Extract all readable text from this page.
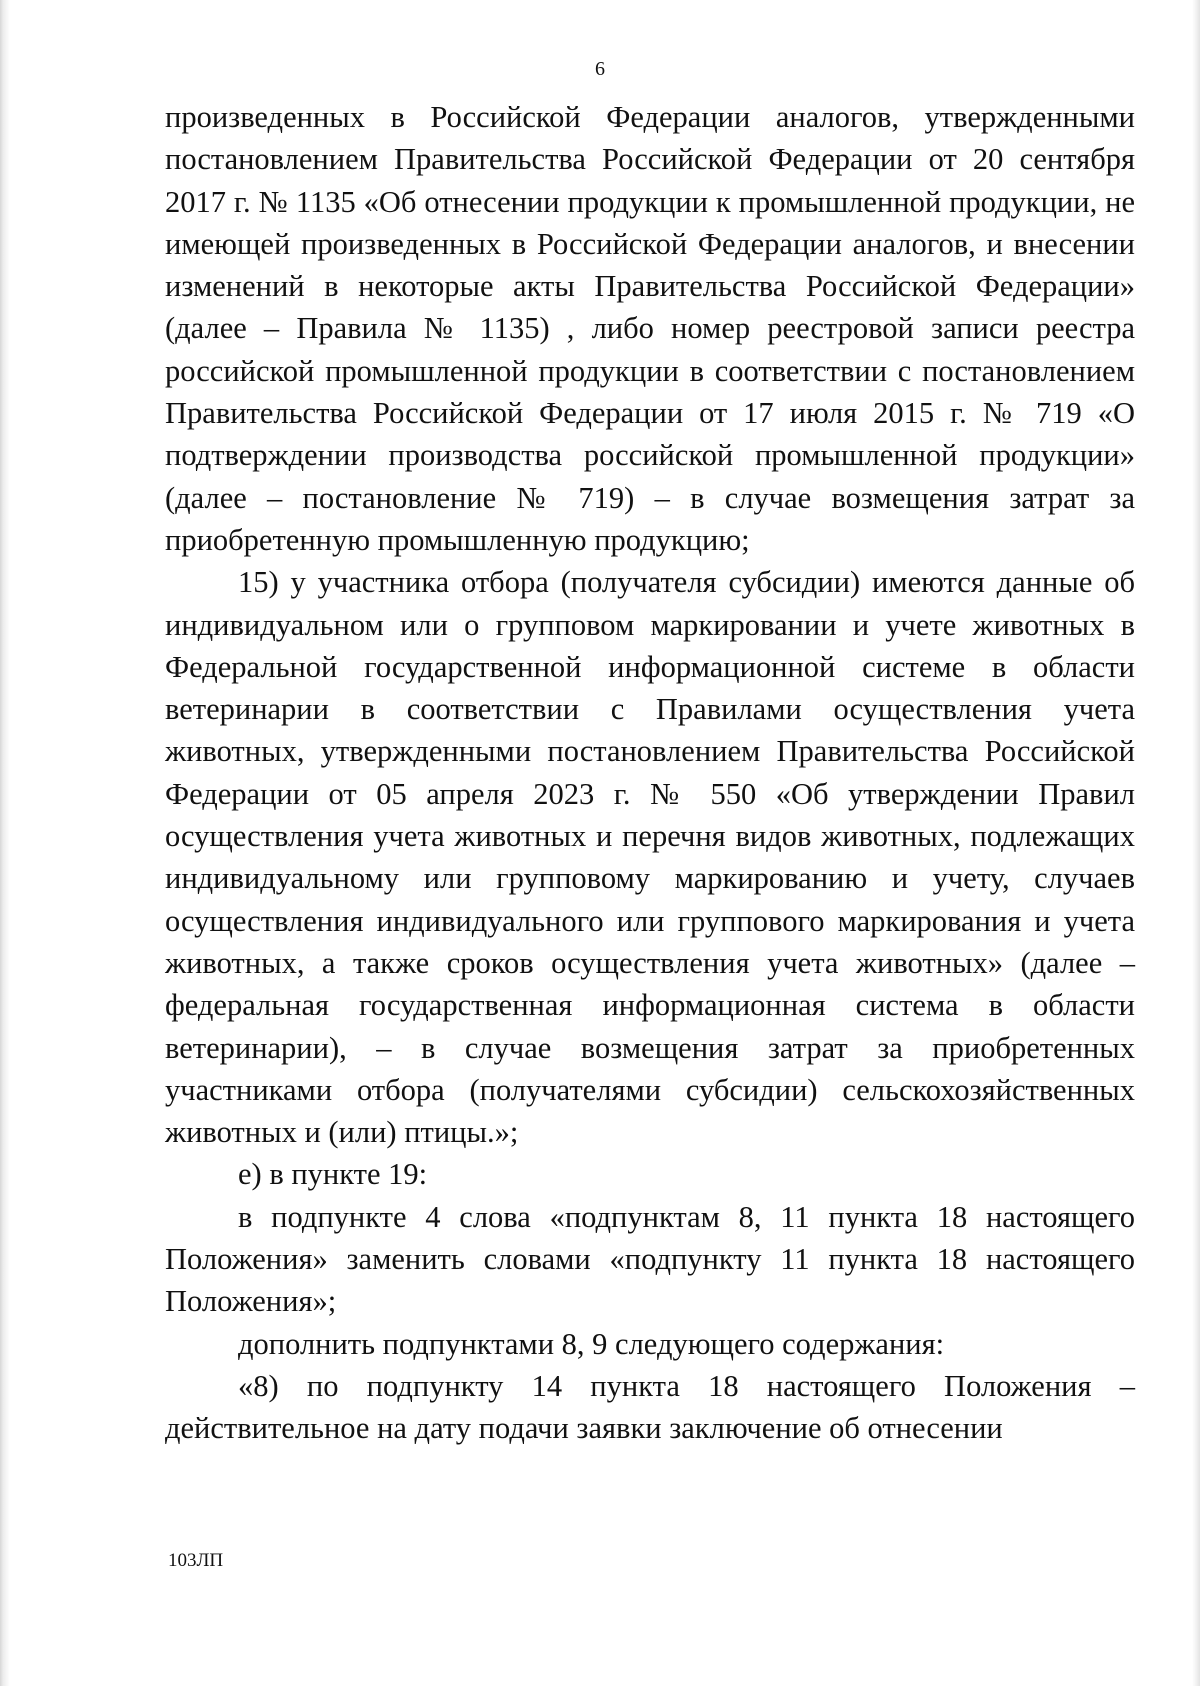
6

произведенных в Российской Федерации аналогов, утвержденными постановлением Правительства Российской Федерации от 20 сентября 2017 г. № 1135 «Об отнесении продукции к промышленной продукции, не имеющей произведенных в Российской Федерации аналогов, и внесении изменений в некоторые акты Правительства Российской Федерации» (далее – Правила № 1135) , либо номер реестровой записи реестра российской промышленной продукции в соответствии с постановлением Правительства Российской Федерации от 17 июля 2015 г. № 719 «О подтверждении производства российской промышленной продукции» (далее – постановление № 719) – в случае возмещения затрат за приобретенную промышленную продукцию;

15) у участника отбора (получателя субсидии) имеются данные об индивидуальном или о групповом маркировании и учете животных в Федеральной государственной информационной системе в области ветеринарии в соответствии с Правилами осуществления учета животных, утвержденными постановлением Правительства Российской Федерации от 05 апреля 2023 г. № 550 «Об утверждении Правил осуществления учета животных и перечня видов животных, подлежащих индивидуальному или групповому маркированию и учету, случаев осуществления индивидуального или группового маркирования и учета животных, а также сроков осуществления учета животных» (далее – федеральная государственная информационная система в области ветеринарии), – в случае возмещения затрат за приобретенных участниками отбора (получателями субсидии) сельскохозяйственных животных и (или) птицы.»;

е) в пункте 19:

в подпункте 4 слова «подпунктам 8, 11 пункта 18 настоящего Положения» заменить словами «подпункту 11 пункта 18 настоящего Положения»;

дополнить подпунктами 8, 9 следующего содержания:

«8) по подпункту 14 пункта 18 настоящего Положения – действительное на дату подачи заявки заключение об отнесении

103ЛП
